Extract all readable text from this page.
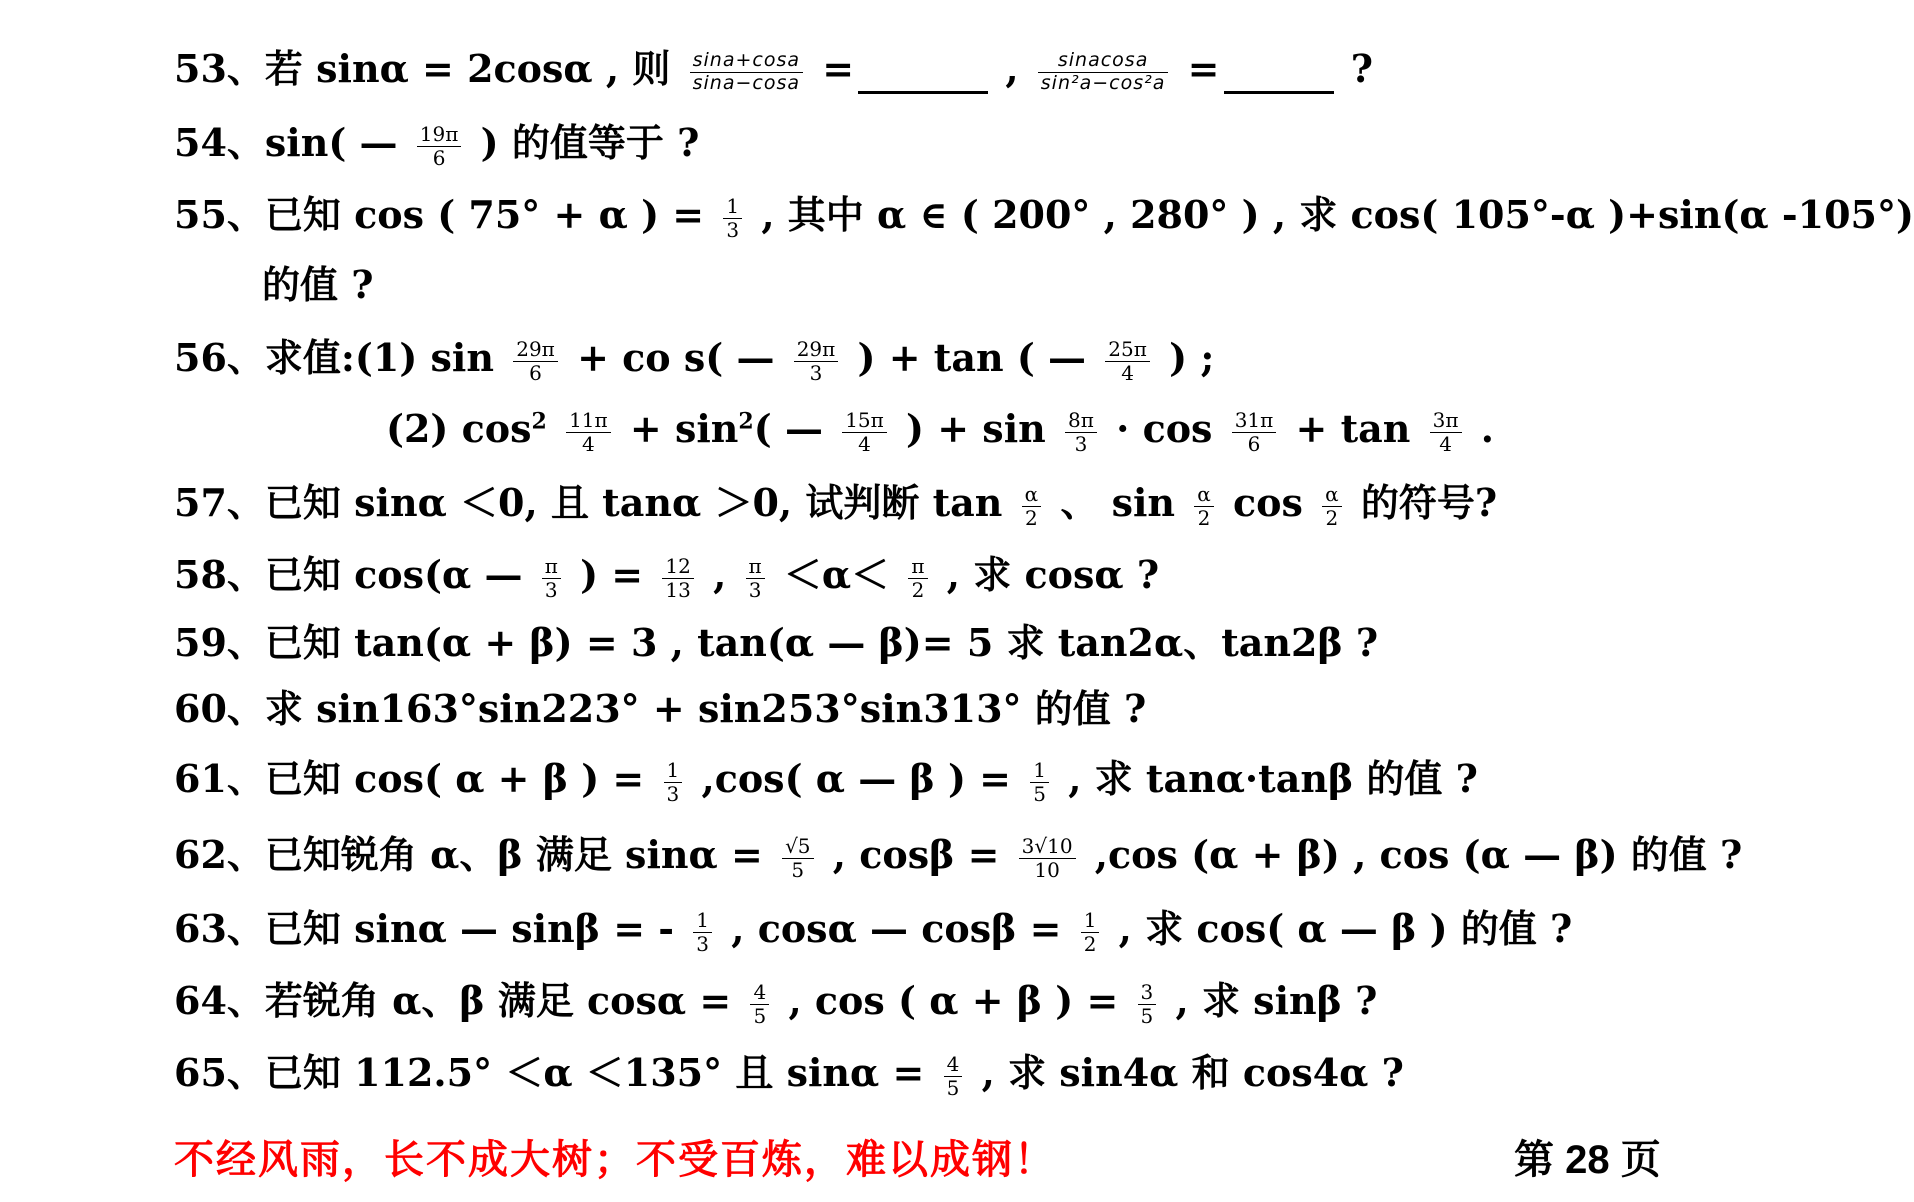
53、若 sinα = 2cosα , 则 $\frac{\sin a+\cos a}{\sin a-\cos a}$ =	, $\frac{\text{sinacosa}}{\text{sin²a−cos²a}}$ =	?
54、sin( — $\frac{19\pi}{6}$ ) 的值等于 ?
55、已知 cos ( 75° + α ) = $\frac{1}{3}$ , 其中 α ∈ ( 200° , 280° ) , 求 cos( 105°-α )+sin(α -105°)
的值 ?
56、求值:(1) $\sin \frac{29\pi}{6}$ + co s( — $\frac{29\pi}{3}$ ) + tan ( — $\frac{25\pi}{4}$ ) ;
(2) $\cos^2 \frac{11\pi}{4} + \sin^2$( — $\frac{15\pi}{4}$ ) + $\sin \frac{8\pi}{3} \cdot \cos \frac{31\pi}{6} + \tan \frac{3\pi}{4}$ .
57、已知 sinα ＜0, 且 tanα ＞0, 试判断 $\tan \frac{\alpha}{2}$ 、 $\sin \frac{\alpha}{2}$ $\cos \frac{\alpha}{2}$ 的符号?
58、已知 cos(α — $\frac{\pi}{3}$ ) = $\frac{12}{13}$ , $\frac{\pi}{3} <\alpha< \frac{\pi}{2}$ , 求 cosα ?
59、已知 tan(α + β) = 3 , tan(α — β)= 5 求 tan2α、tan2β ?
60、求 sin163°sin223° + sin253°sin313° 的值 ?
61、已知 cos( α + β ) = $\frac{1}{3} ,\cos$( α — β ) = $\frac{1}{5}$ , 求 tanα·tanβ 的值 ?
62、已知锐角 α、β 满足 $\sin\alpha = \frac{√5}{5}$ , $\cos\beta = \frac{3√10}{10} ,\cos$ (α + β) , cos (α — β) 的值 ?
63、已知 sinα — sinβ = - $\frac{1}{3}$ , cosα — $\cos\beta = \frac{1}{2}$ , 求 cos( α — β ) 的值 ?
64、若锐角 α、β 满足 $\cos\alpha = \frac{4}{5}$ , cos ( α + β ) = $\frac{3}{5}$ , 求 sinβ ?
65、已知 112.5° ＜α ＜135° 且 $\sin\alpha = \frac{4}{5}$ , 求 sin4α 和 cos4α ?
不经风雨，长不成大树；不受百炼，难以成钢！	第 28 页
